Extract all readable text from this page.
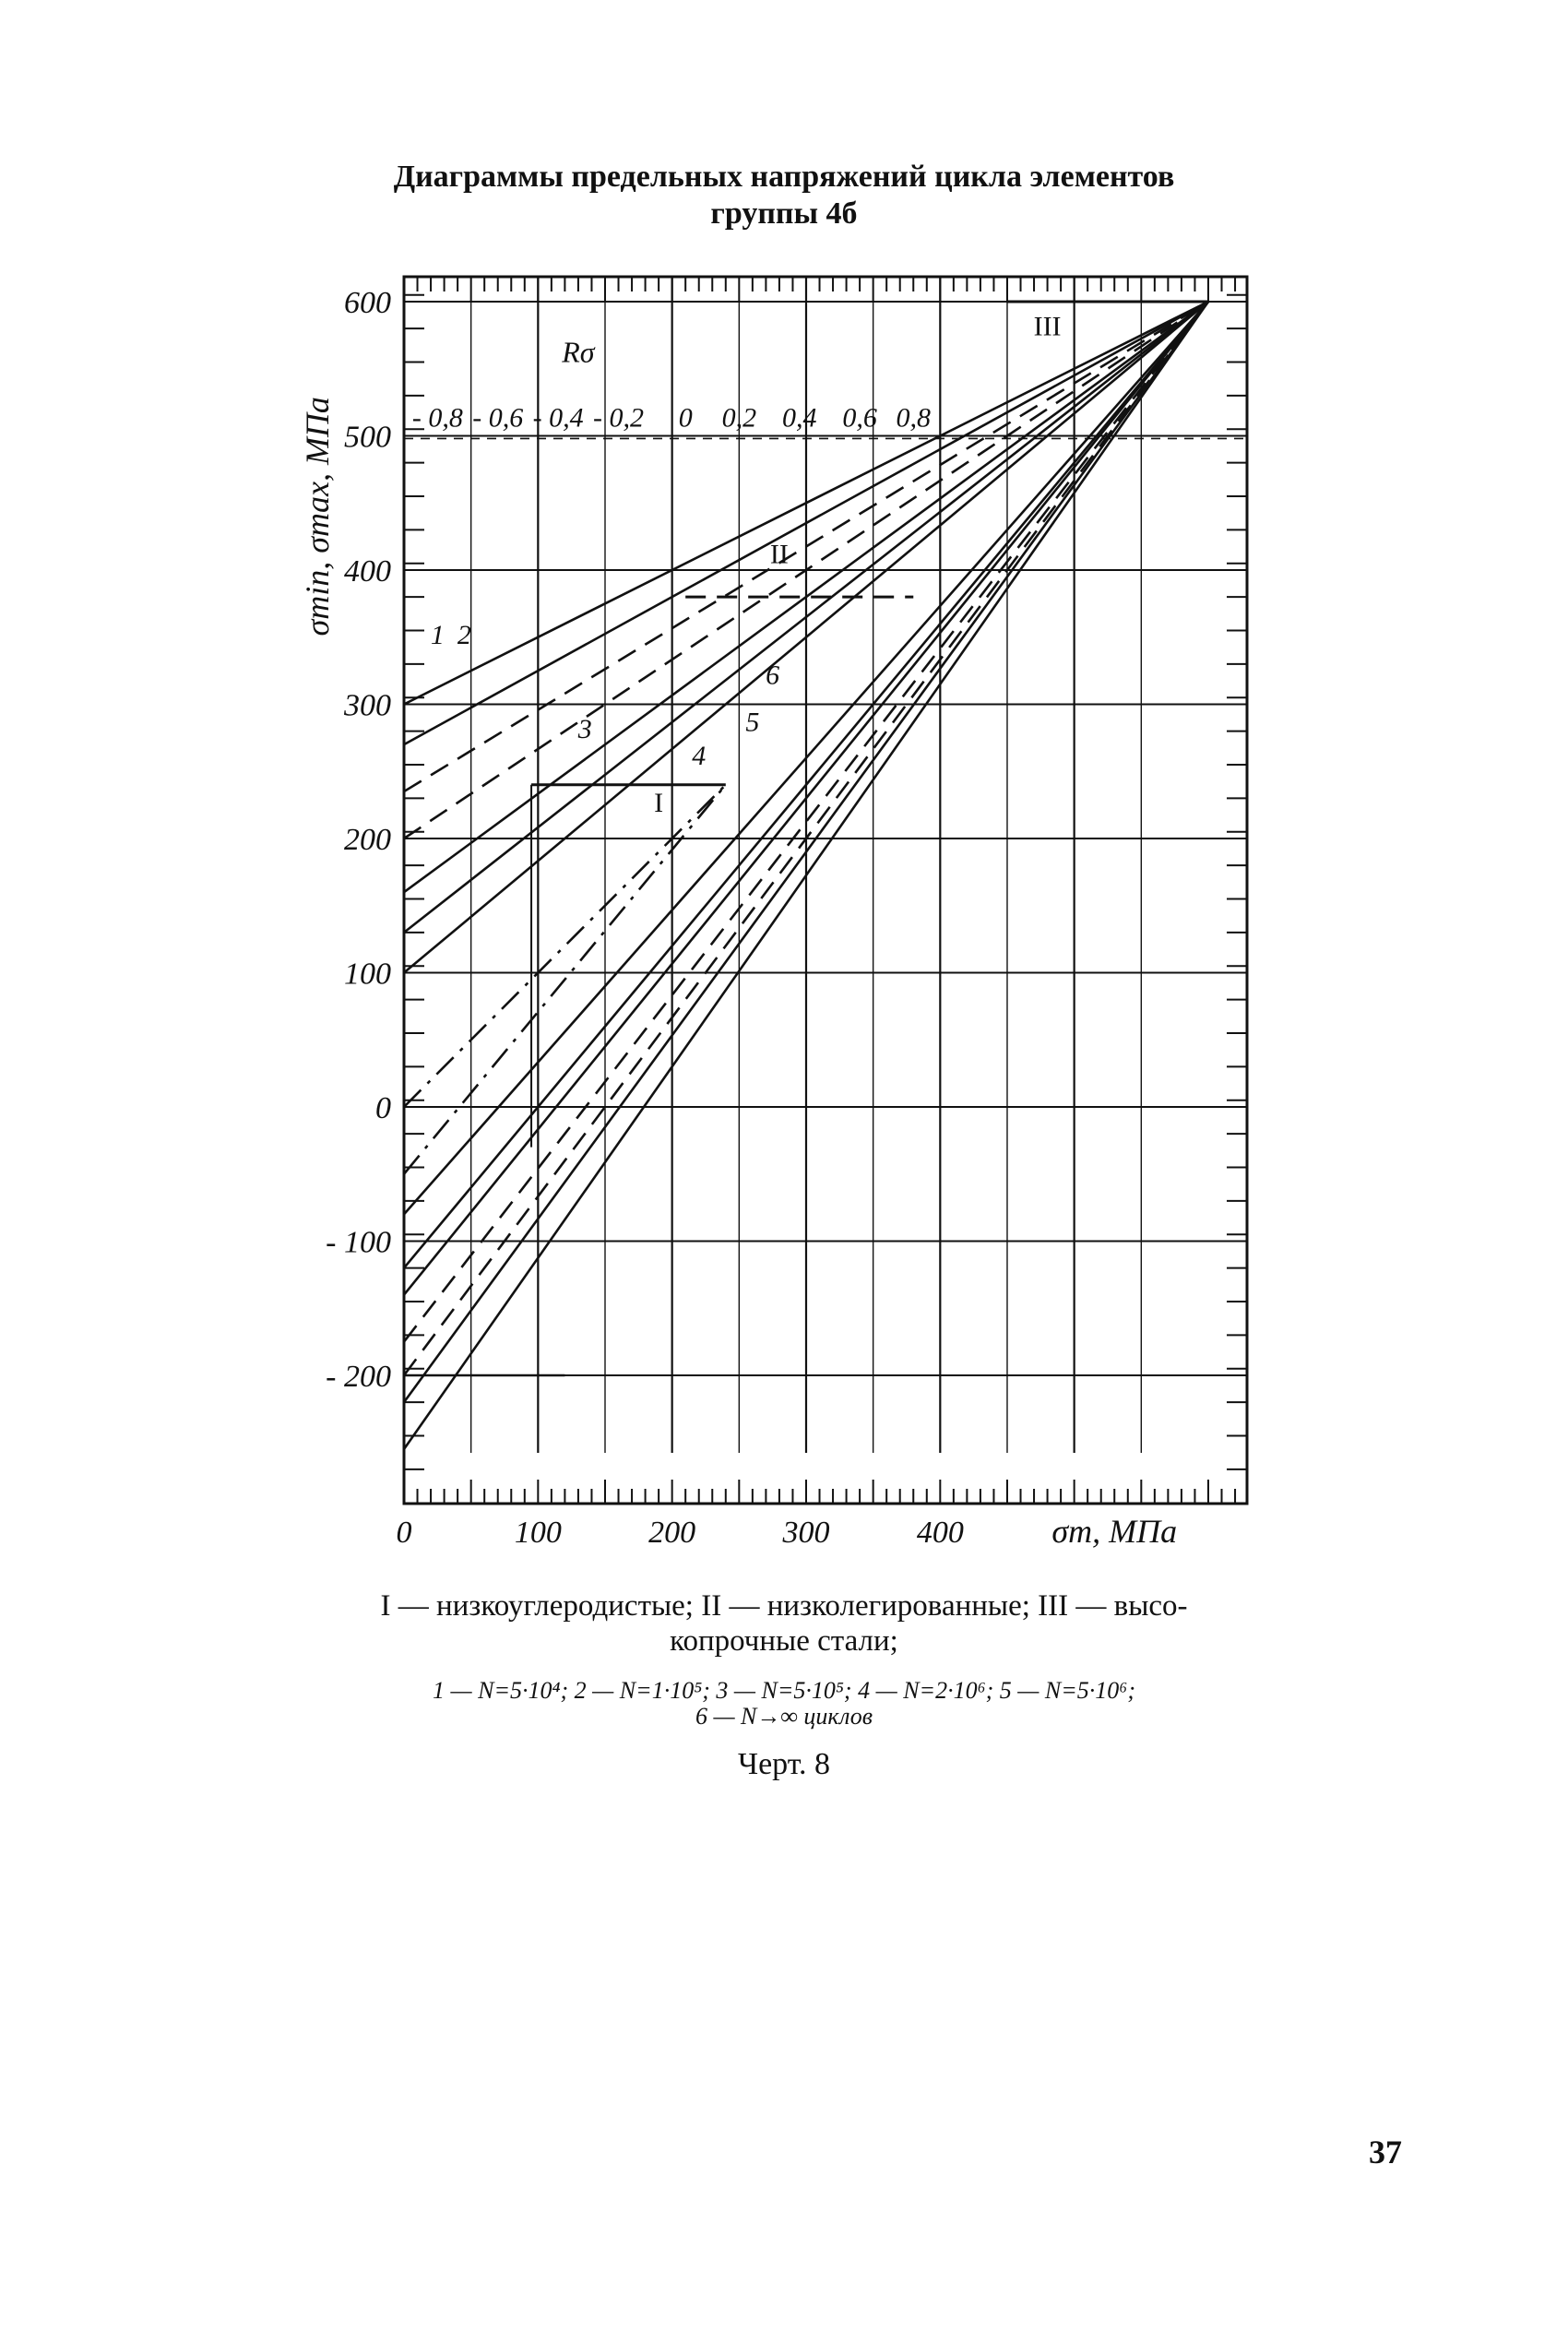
Диаграммы предельных напряжений цикла элементов
группы 4б
600
500
400
300
200
100
0
- 100
- 200
0	100	200	300	400	σm, МПа
σmin, σmax, МПа
Rσ
- 0,8 - 0,6 - 0,4 - 0,2 0 0,2 0,4 0,6 0,8
I
II
III
1 2
3
4
5
6
I — низкоуглеродистые; II — низколегированные; III — высо-
копрочные стали;
1 — N=5·10⁴; 2 — N=1·10⁵; 3 — N=5·10⁵; 4 — N=2·10⁶; 5 — N=5·10⁶;
6 — N→∞ циклов
Черт. 8
37
